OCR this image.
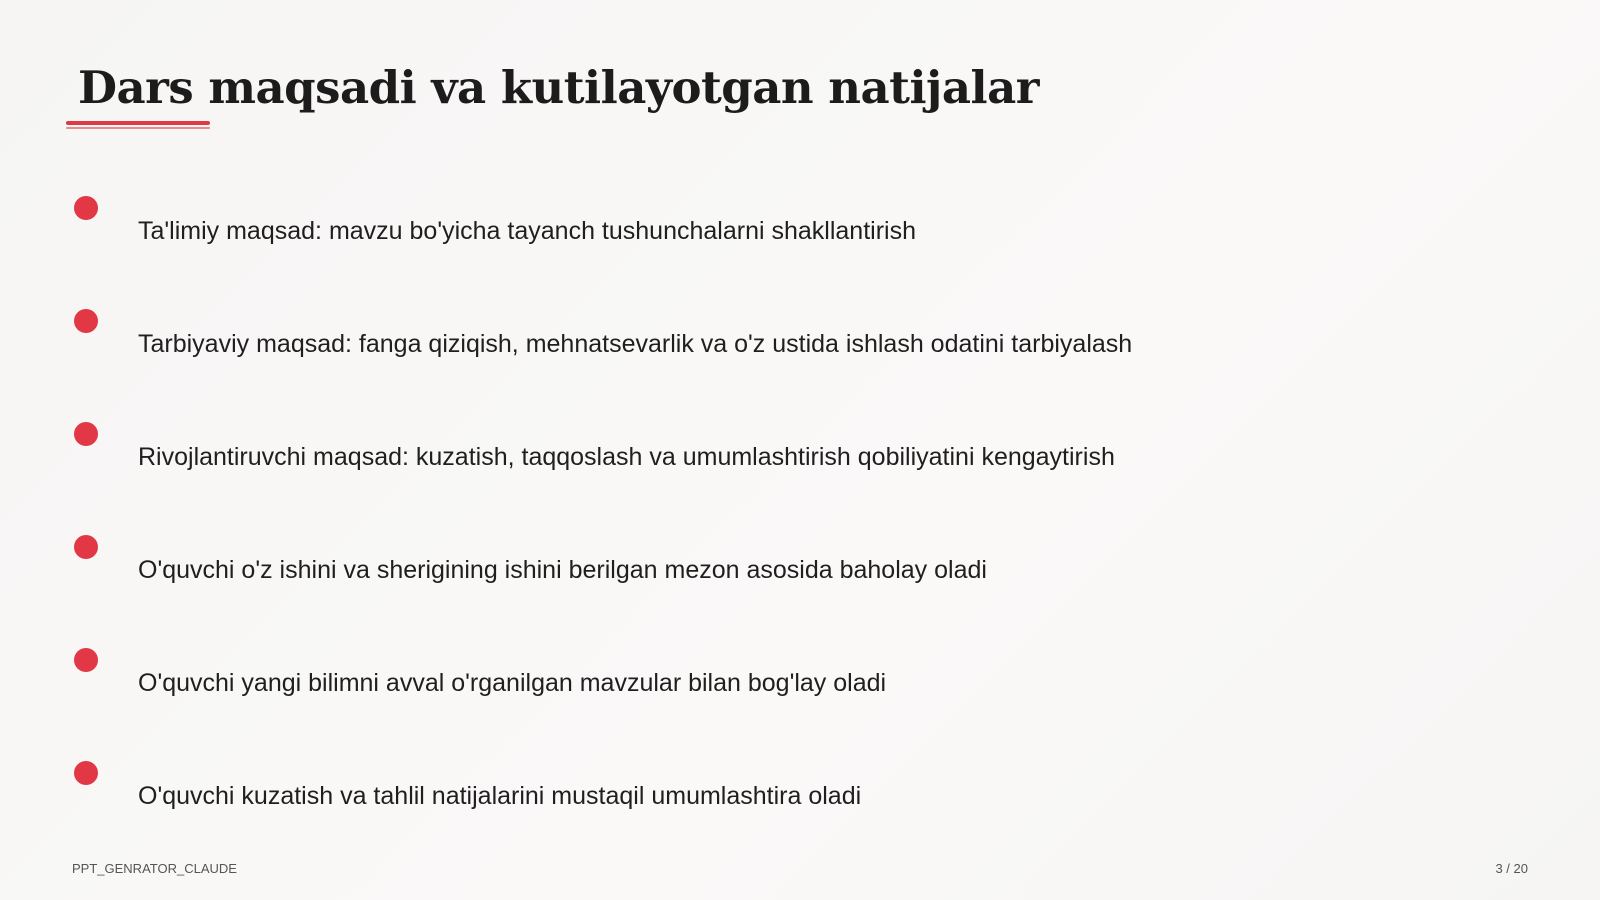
Dars maqsadi va kutilayotgan natijalar
Ta'limiy maqsad: mavzu bo'yicha tayanch tushunchalarni shakllantirish
Tarbiyaviy maqsad: fanga qiziqish, mehnatsevarlik va o'z ustida ishlash odatini tarbiyalash
Rivojlantiruvchi maqsad: kuzatish, taqqoslash va umumlashtirish qobiliyatini kengaytirish
O'quvchi o'z ishini va sherigining ishini berilgan mezon asosida baholay oladi
O'quvchi yangi bilimni avval o'rganilgan mavzular bilan bog'lay oladi
O'quvchi kuzatish va tahlil natijalarini mustaqil umumlashtira oladi
PPT_GENRATOR_CLAUDE	3 / 20
